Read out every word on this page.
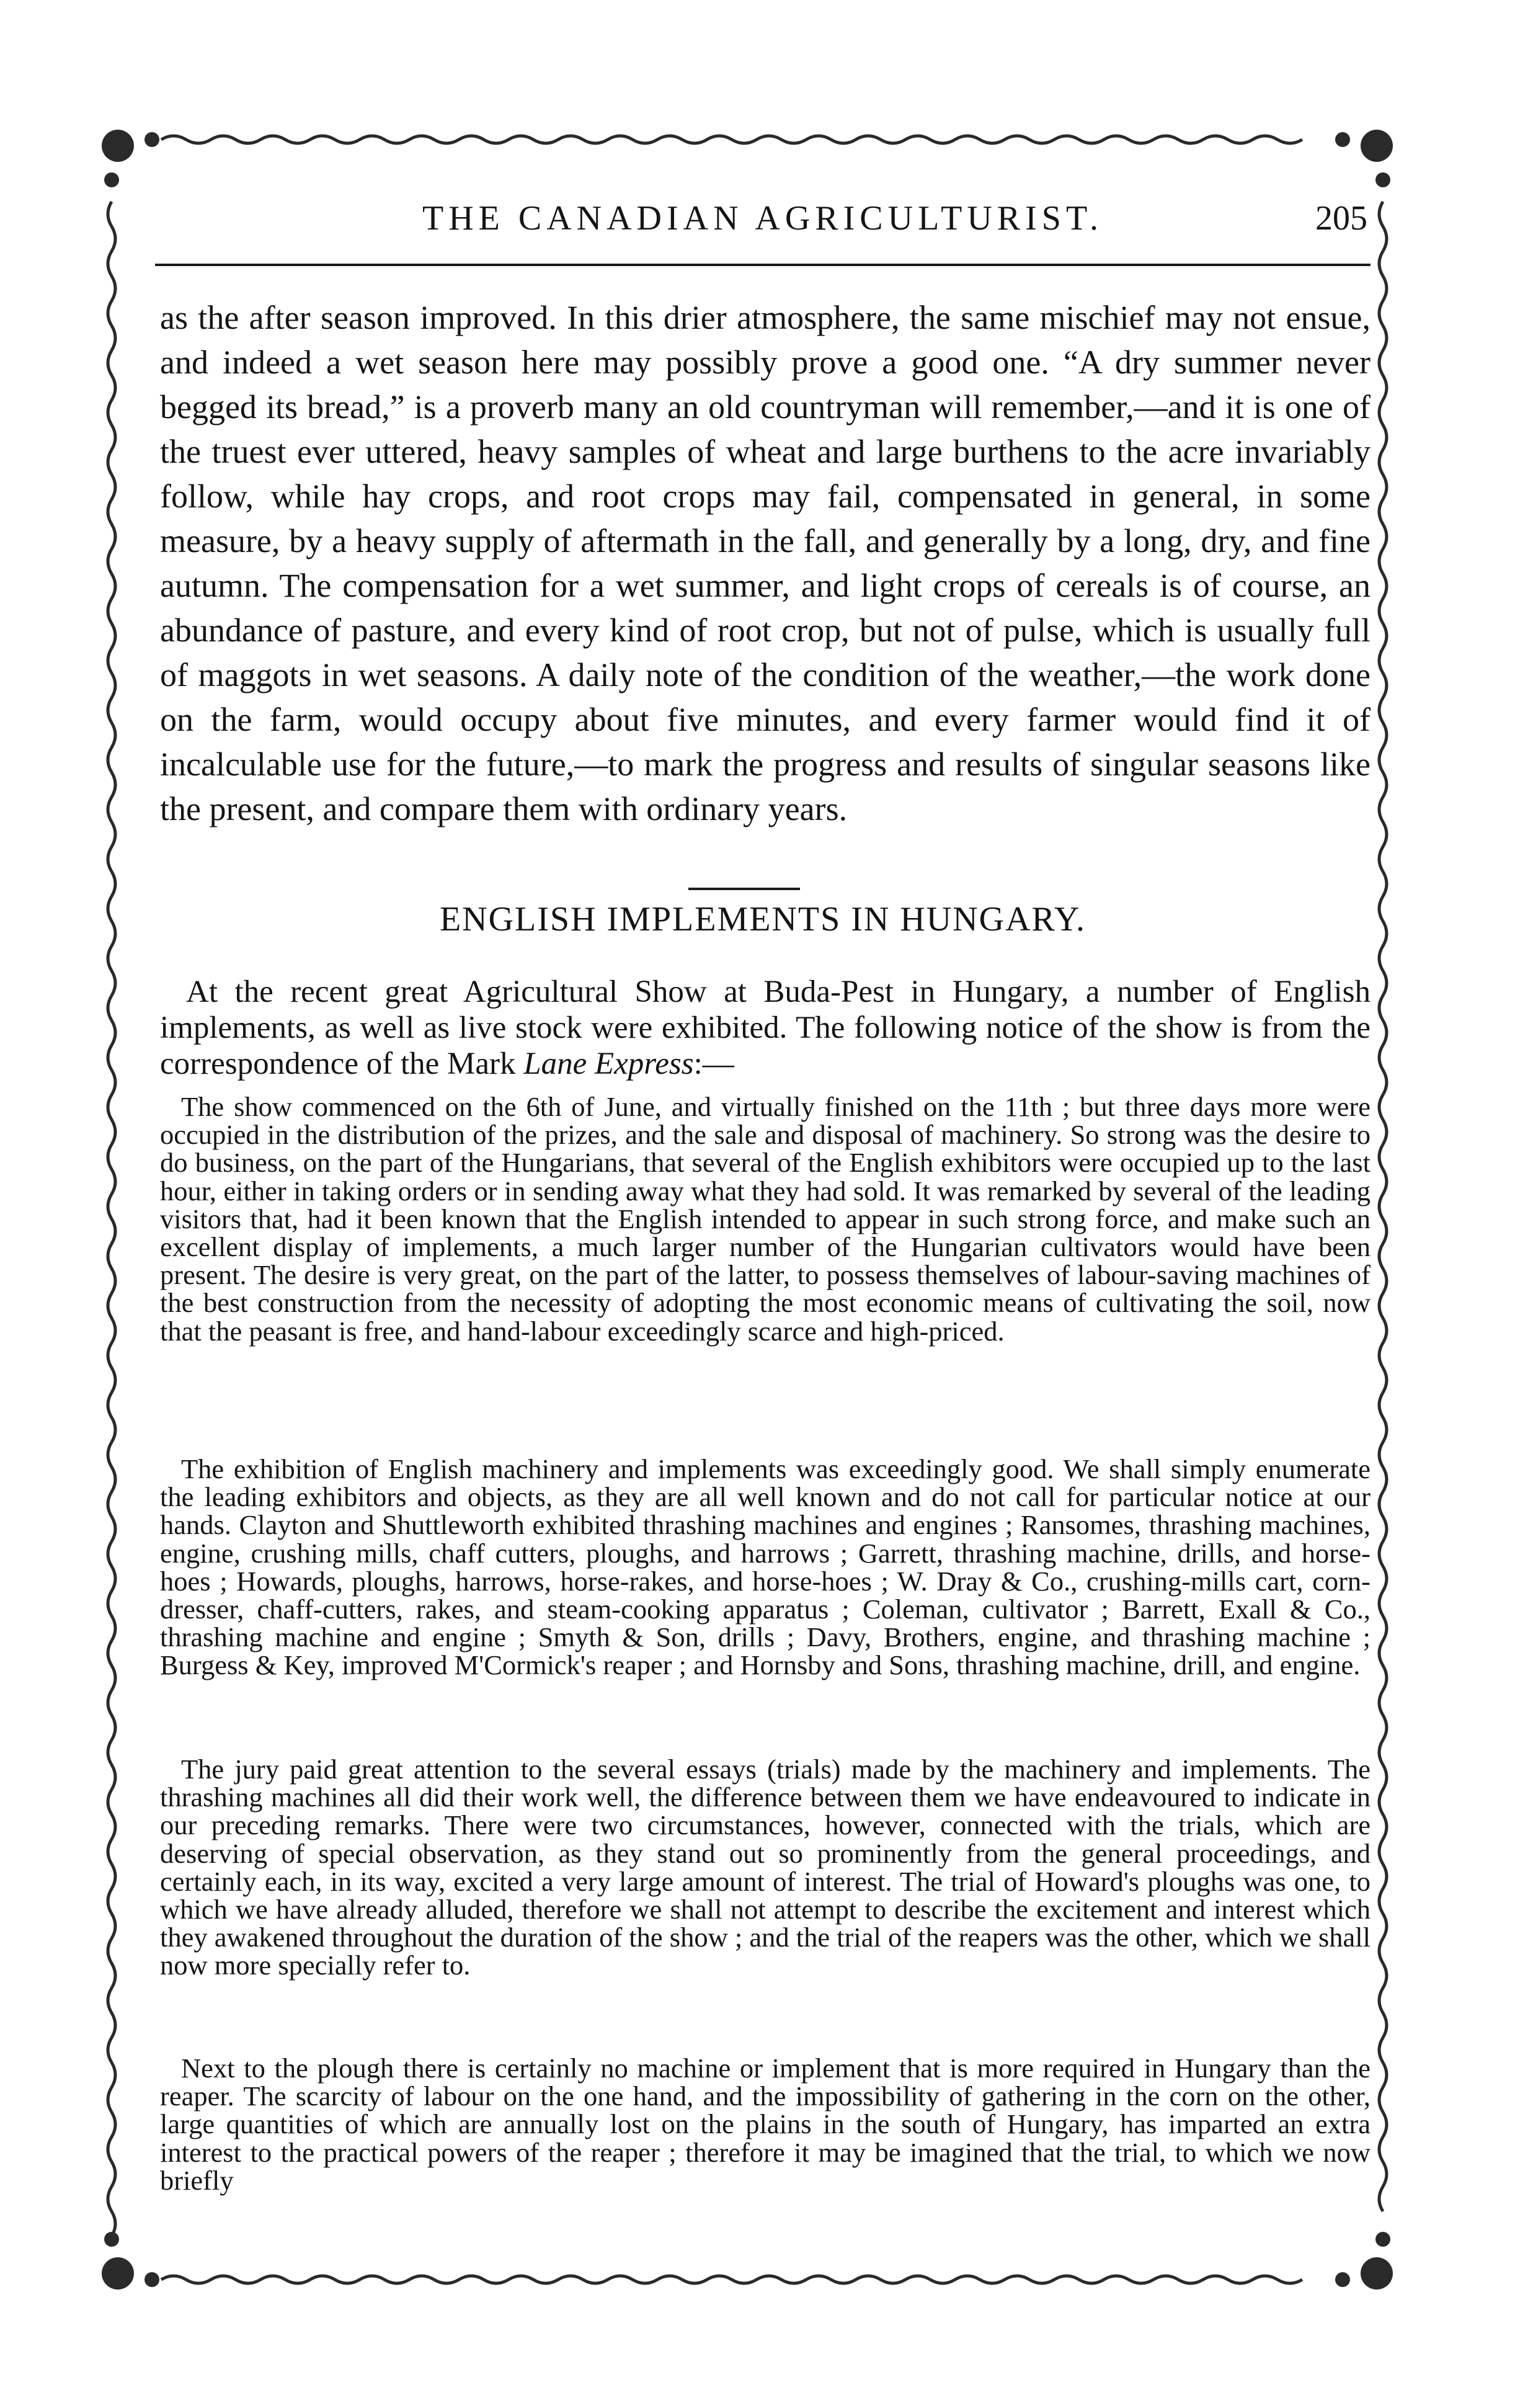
THE CANADIAN AGRICULTURIST.	205

as the after season improved. In this drier atmosphere, the same mischief may not ensue, and indeed a wet season here may possibly prove a good one. “A dry summer never begged its bread,” is a proverb many an old countryman will remember,—and it is one of the truest ever uttered, heavy samples of wheat and large burthens to the acre invariably follow, while hay crops, and root crops may fail, compensated in general, in some measure, by a heavy supply of aftermath in the fall, and generally by a long, dry, and fine autumn. The compensation for a wet summer, and light crops of cereals is of course, an abundance of pasture, and every kind of root crop, but not of pulse, which is usually full of maggots in wet seasons. A daily note of the condition of the weather,—the work done on the farm, would occupy about five minutes, and every farmer would find it of incalculable use for the future,—to mark the progress and results of singular seasons like the present, and compare them with ordinary years.

ENGLISH IMPLEMENTS IN HUNGARY.

At the recent great Agricultural Show at Buda-Pest in Hungary, a number of English implements, as well as live stock were exhibited. The following notice of the show is from the correspondence of the Mark Lane Express:—

The show commenced on the 6th of June, and virtually finished on the 11th ; but three days more were occupied in the distribution of the prizes, and the sale and disposal of machinery. So strong was the desire to do business, on the part of the Hungarians, that several of the English exhibitors were occupied up to the last hour, either in taking orders or in sending away what they had sold. It was remarked by several of the leading visitors that, had it been known that the English intended to appear in such strong force, and make such an excellent display of implements, a much larger number of the Hungarian cultivators would have been present. The desire is very great, on the part of the latter, to possess themselves of labour-saving machines of the best construction from the necessity of adopting the most economic means of cultivating the soil, now that the peasant is free, and hand-labour exceedingly scarce and high-priced.

The exhibition of English machinery and implements was exceedingly good. We shall simply enumerate the leading exhibitors and objects, as they are all well known and do not call for particular notice at our hands. Clayton and Shuttleworth exhibited thrashing machines and engines ; Ransomes, thrashing machines, engine, crushing mills, chaff cutters, ploughs, and harrows ; Garrett, thrashing machine, drills, and horse-hoes ; Howards, ploughs, harrows, horse-rakes, and horse-hoes ; W. Dray & Co., crushing-mills cart, corn-dresser, chaff-cutters, rakes, and steam-cooking apparatus ; Coleman, cultivator ; Barrett, Exall & Co., thrashing machine and engine ; Smyth & Son, drills ; Davy, Brothers, engine, and thrashing machine ; Burgess & Key, improved M'Cormick's reaper ; and Hornsby and Sons, thrashing machine, drill, and engine.

The jury paid great attention to the several essays (trials) made by the machinery and implements. The thrashing machines all did their work well, the difference between them we have endeavoured to indicate in our preceding remarks. There were two circumstances, however, connected with the trials, which are deserving of special observation, as they stand out so prominently from the general proceedings, and certainly each, in its way, excited a very large amount of interest. The trial of Howard's ploughs was one, to which we have already alluded, therefore we shall not attempt to describe the excitement and interest which they awakened throughout the duration of the show ; and the trial of the reapers was the other, which we shall now more specially refer to.

Next to the plough there is certainly no machine or implement that is more required in Hungary than the reaper. The scarcity of labour on the one hand, and the impossibility of gathering in the corn on the other, large quantities of which are annually lost on the plains in the south of Hungary, has imparted an extra interest to the practical powers of the reaper ; therefore it may be imagined that the trial, to which we now briefly
